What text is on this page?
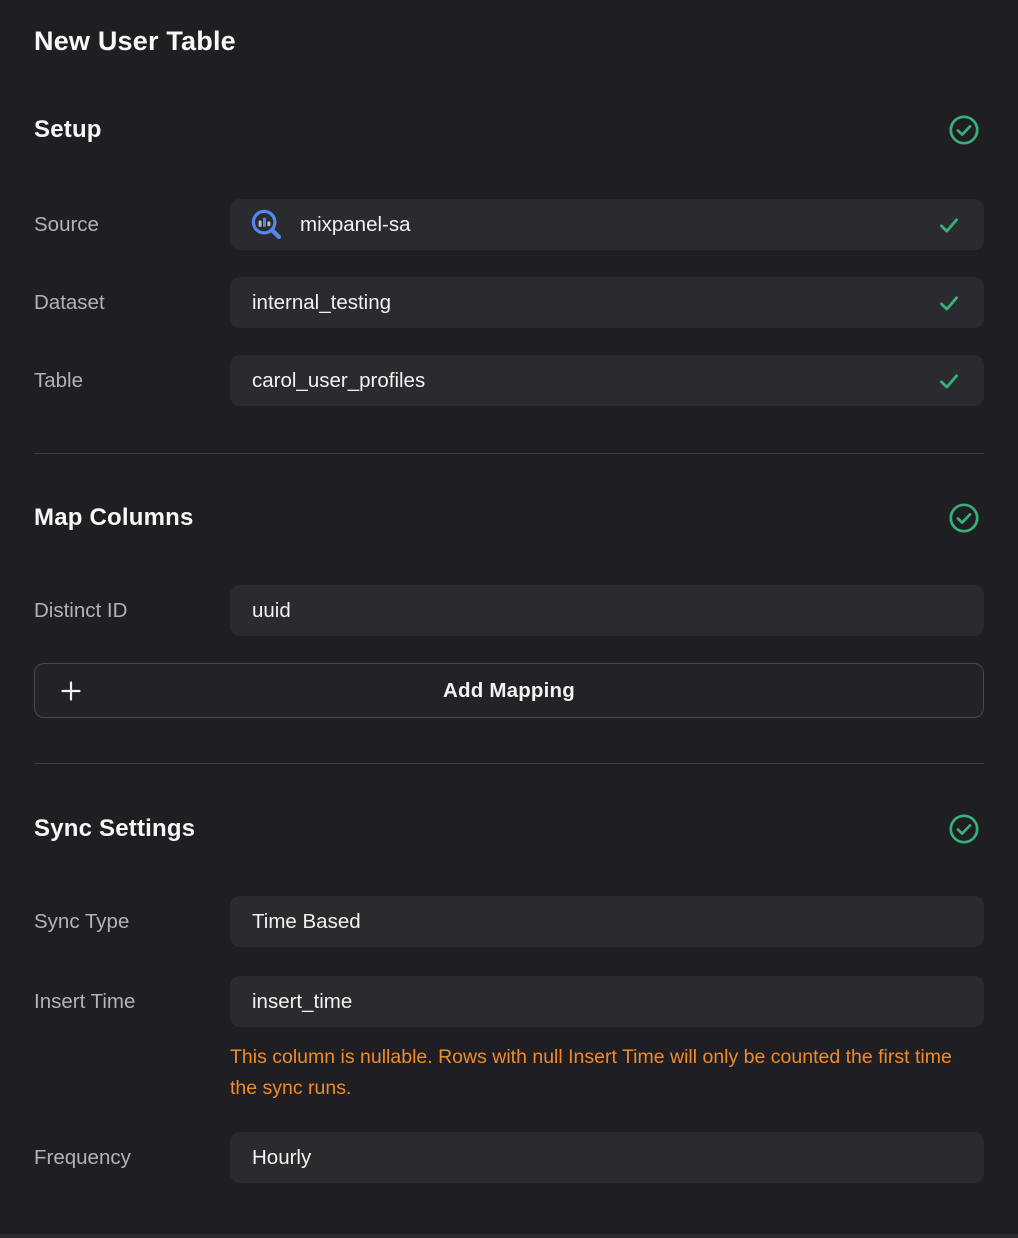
New User Table
Setup
Source	mixpanel-sa
Dataset	internal_testing
Table	carol_user_profiles
Map Columns
Distinct ID	uuid
Add Mapping
Sync Settings
Sync Type	Time Based
Insert Time	insert_time
This column is nullable. Rows with null Insert Time will only be counted the first time the sync runs.
Frequency	Hourly
